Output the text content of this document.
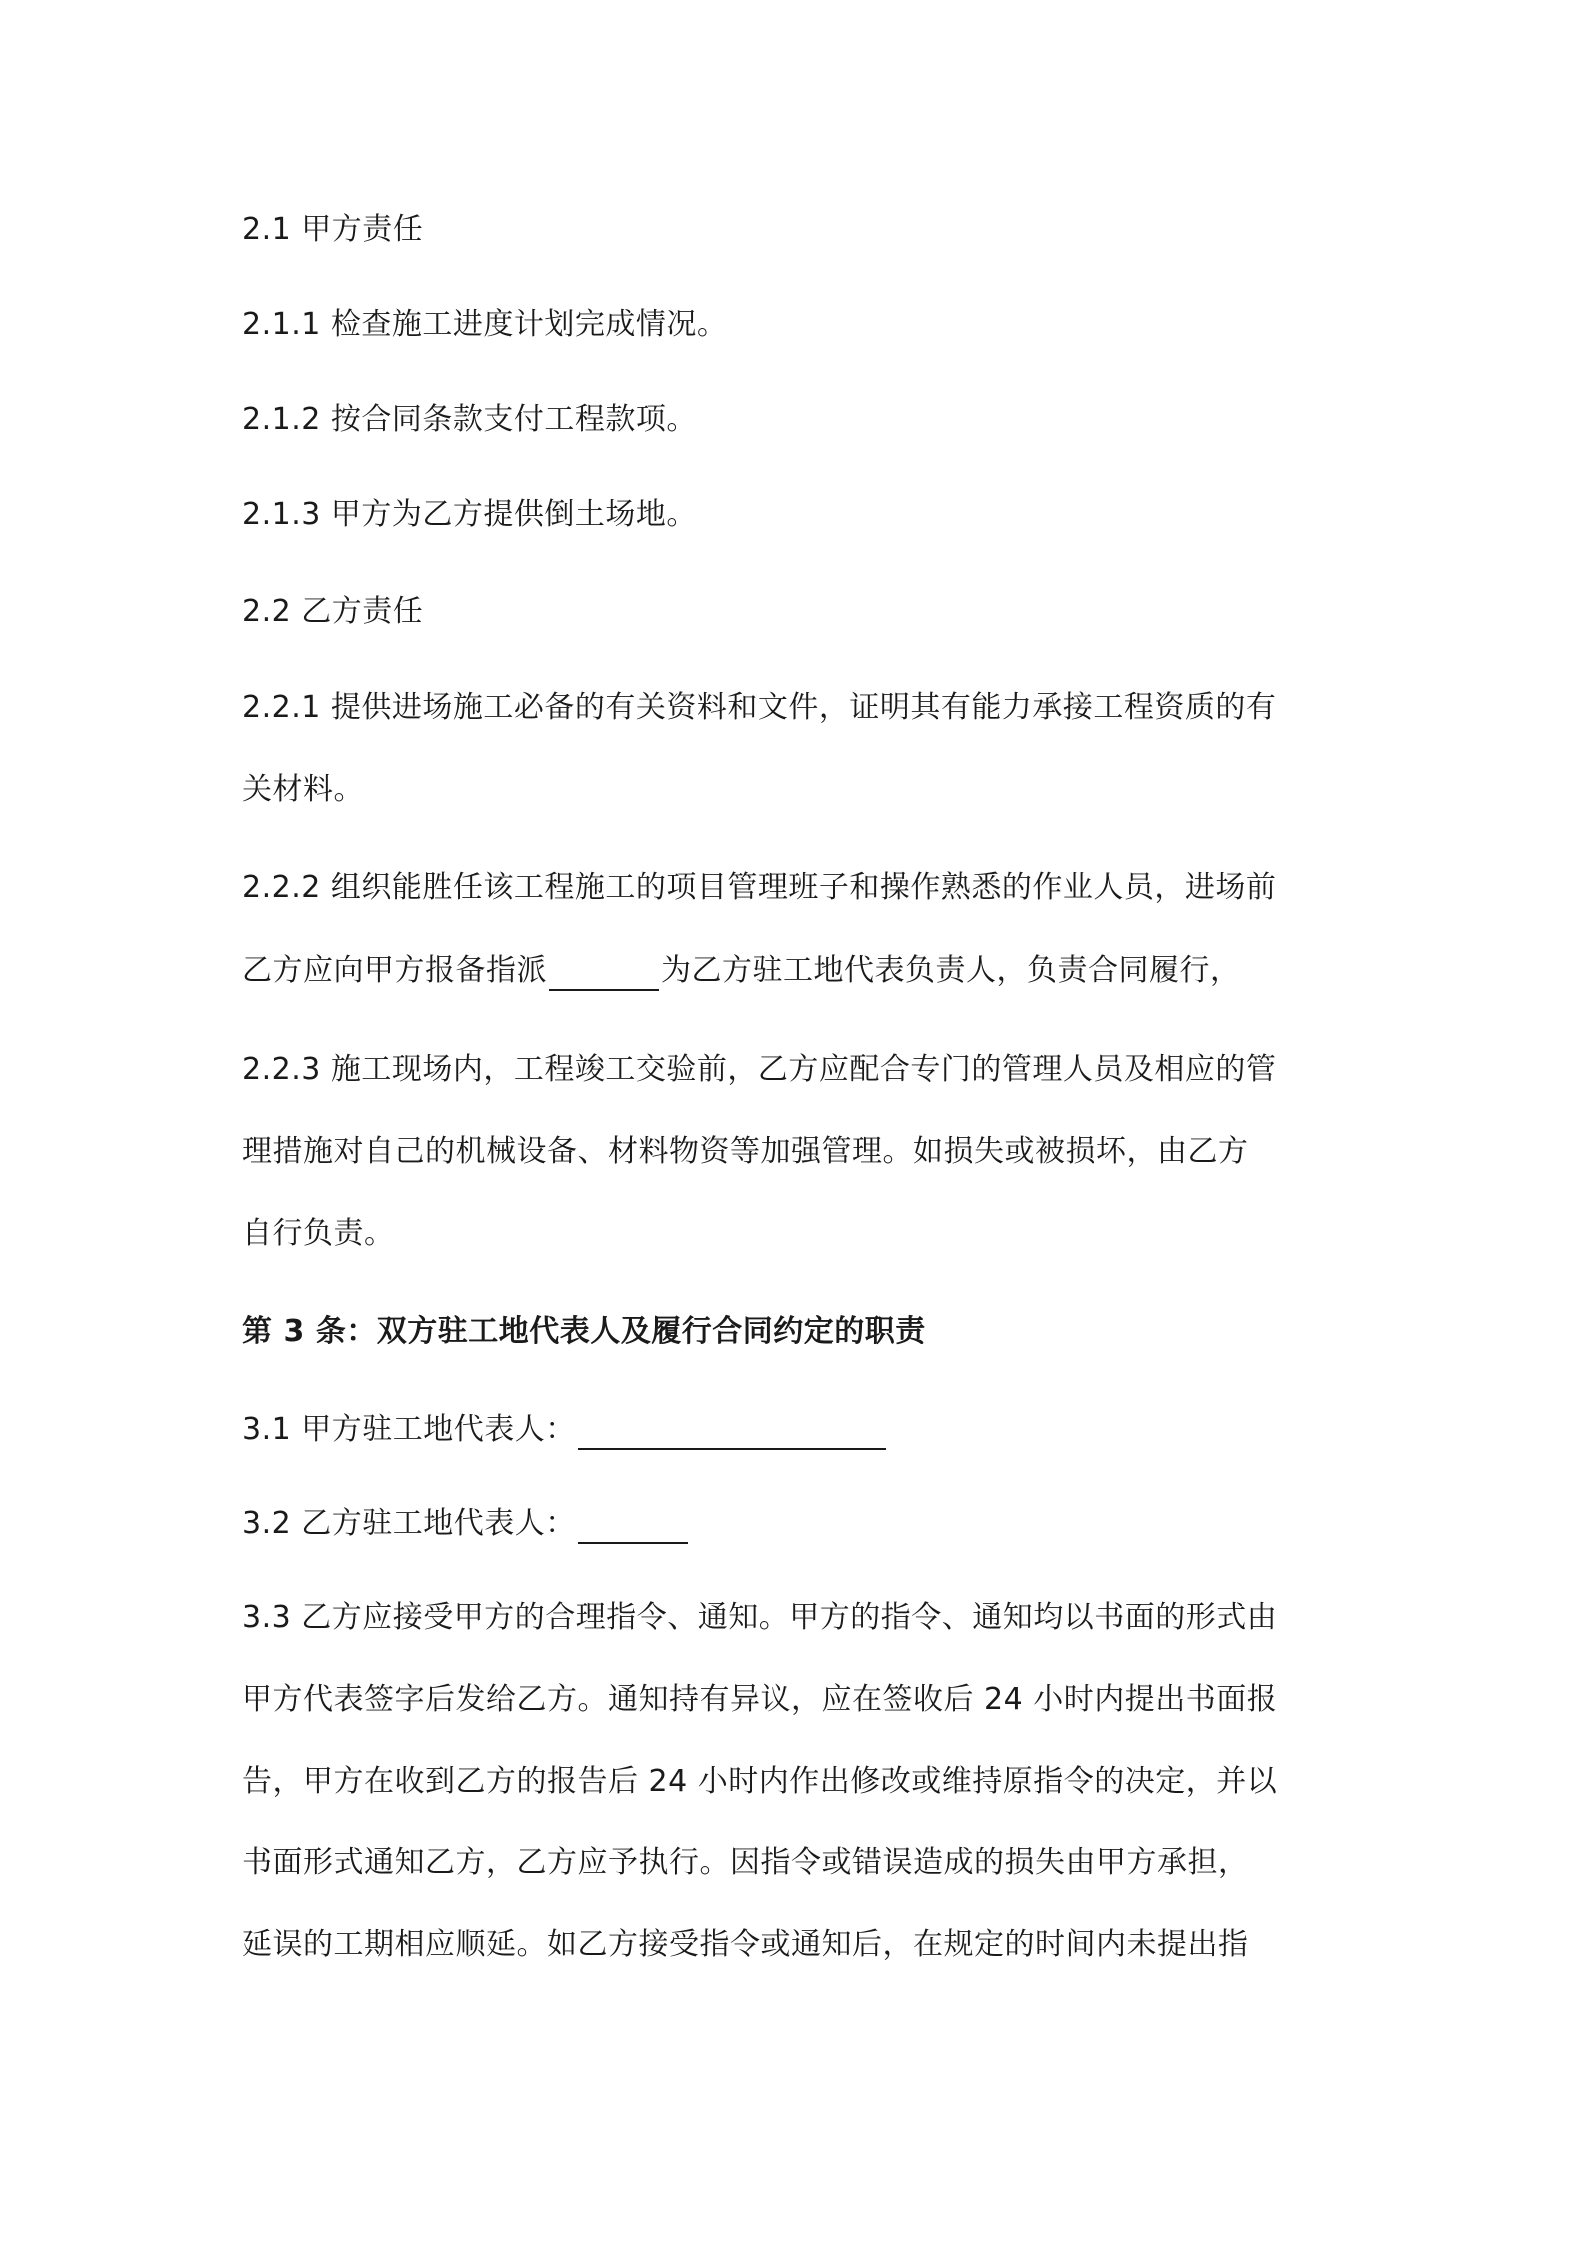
2.1 甲方责任
2.1.1 检查施工进度计划完成情况。
2.1.2 按合同条款支付工程款项。
2.1.3 甲方为乙方提供倒土场地。
2.2 乙方责任
2.2.1 提供进场施工必备的有关资料和文件，证明其有能力承接工程资质的有
关材料。
2.2.2 组织能胜任该工程施工的项目管理班子和操作熟悉的作业人员，进场前
乙方应向甲方报备指派	为乙方驻工地代表负责人，负责合同履行，
2.2.3 施工现场内，工程竣工交验前，乙方应配合专门的管理人员及相应的管
理措施对自己的机械设备、材料物资等加强管理。如损失或被损坏，由乙方
自行负责。
第 3 条：双方驻工地代表人及履行合同约定的职责
3.1 甲方驻工地代表人：
3.2 乙方驻工地代表人：
3.3 乙方应接受甲方的合理指令、通知。甲方的指令、通知均以书面的形式由
甲方代表签字后发给乙方。通知持有异议，应在签收后 24 小时内提出书面报
告，甲方在收到乙方的报告后 24 小时内作出修改或维持原指令的决定，并以
书面形式通知乙方，乙方应予执行。因指令或错误造成的损失由甲方承担，
延误的工期相应顺延。如乙方接受指令或通知后，在规定的时间内未提出指
